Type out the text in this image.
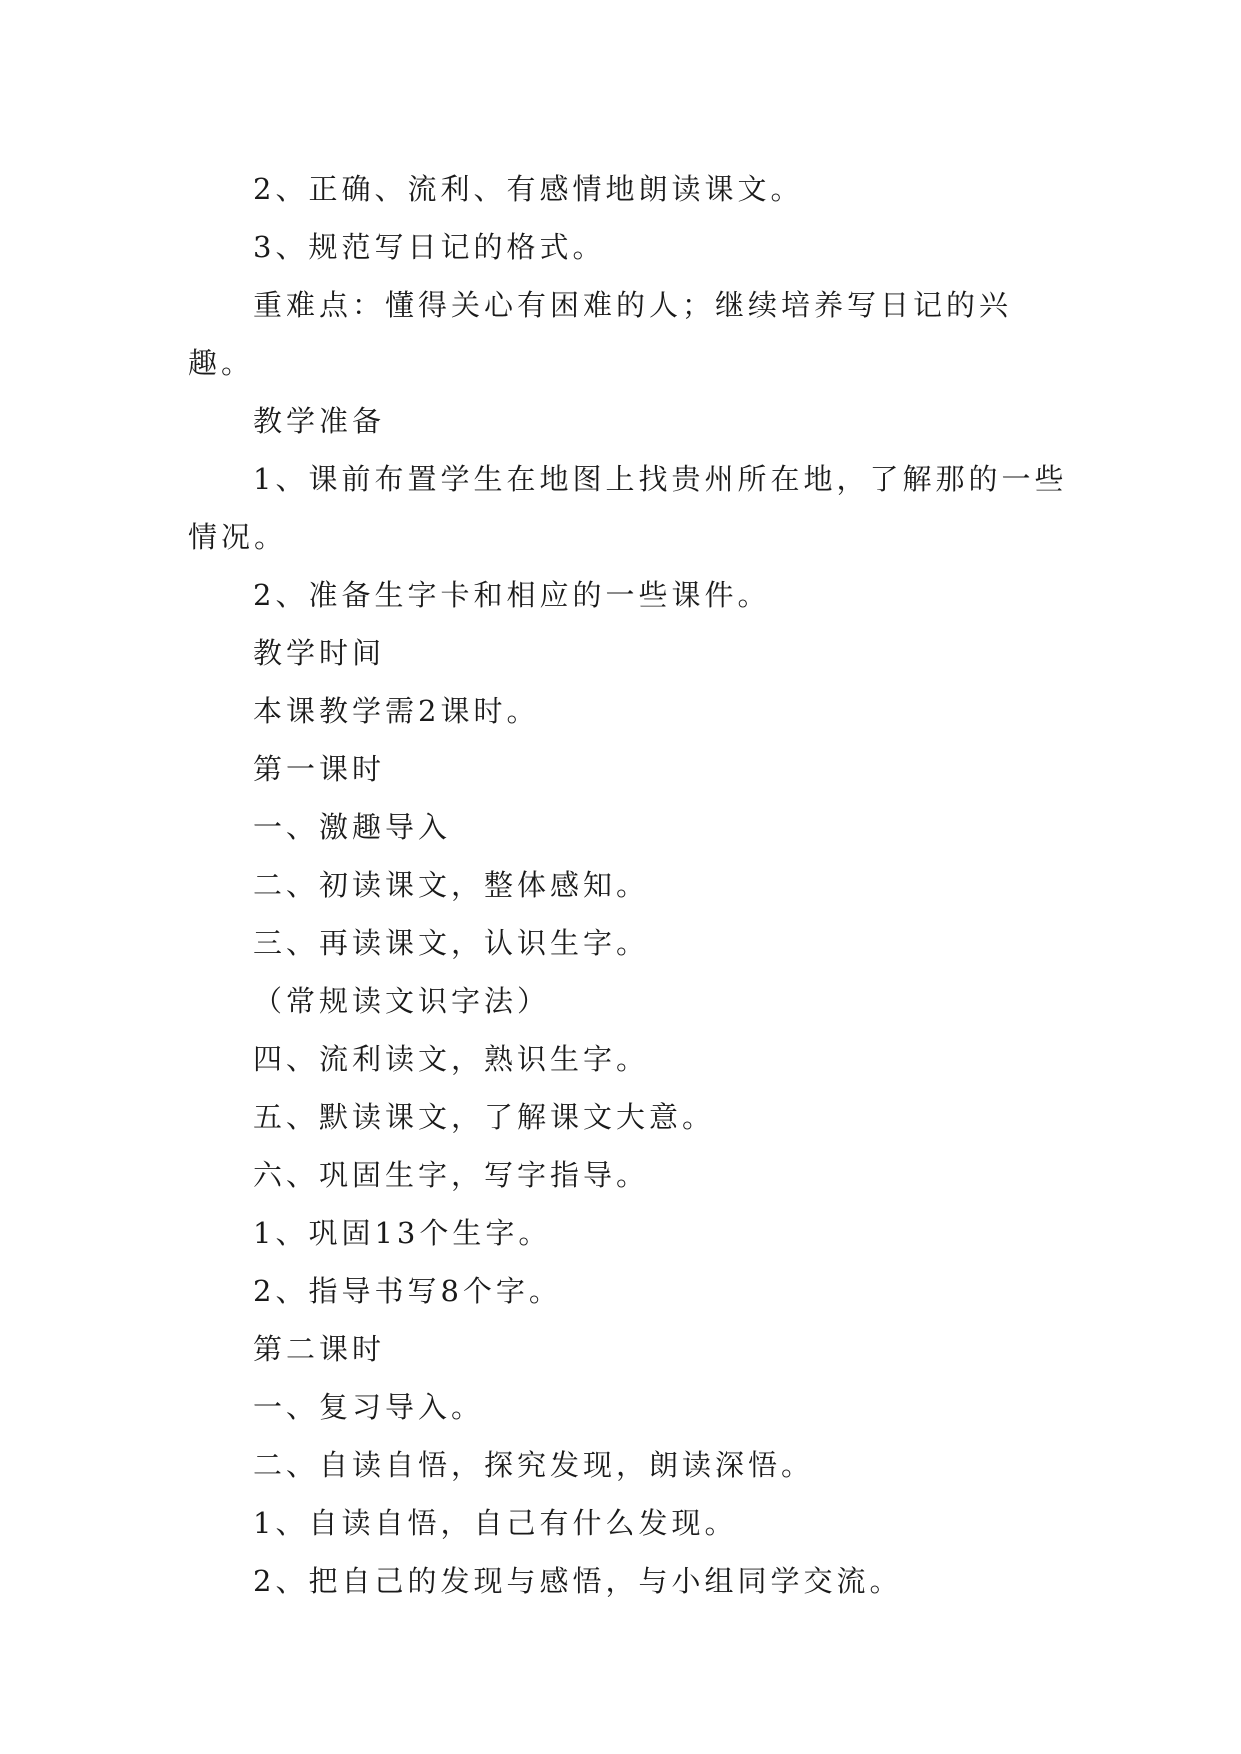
2、正确、流利、有感情地朗读课文。

3、规范写日记的格式。

重难点：懂得关心有困难的人；继续培养写日记的兴趣。

教学准备

1、课前布置学生在地图上找贵州所在地，了解那的一些情况。

2、准备生字卡和相应的一些课件。

教学时间

本课教学需2课时。

第一课时

一、激趣导入

二、初读课文，整体感知。

三、再读课文，认识生字。

（常规读文识字法）

四、流利读文，熟识生字。

五、默读课文，了解课文大意。

六、巩固生字，写字指导。

1、巩固13个生字。

2、指导书写8个字。

第二课时

一、复习导入。

二、自读自悟，探究发现，朗读深悟。

1、自读自悟，自己有什么发现。

2、把自己的发现与感悟，与小组同学交流。
